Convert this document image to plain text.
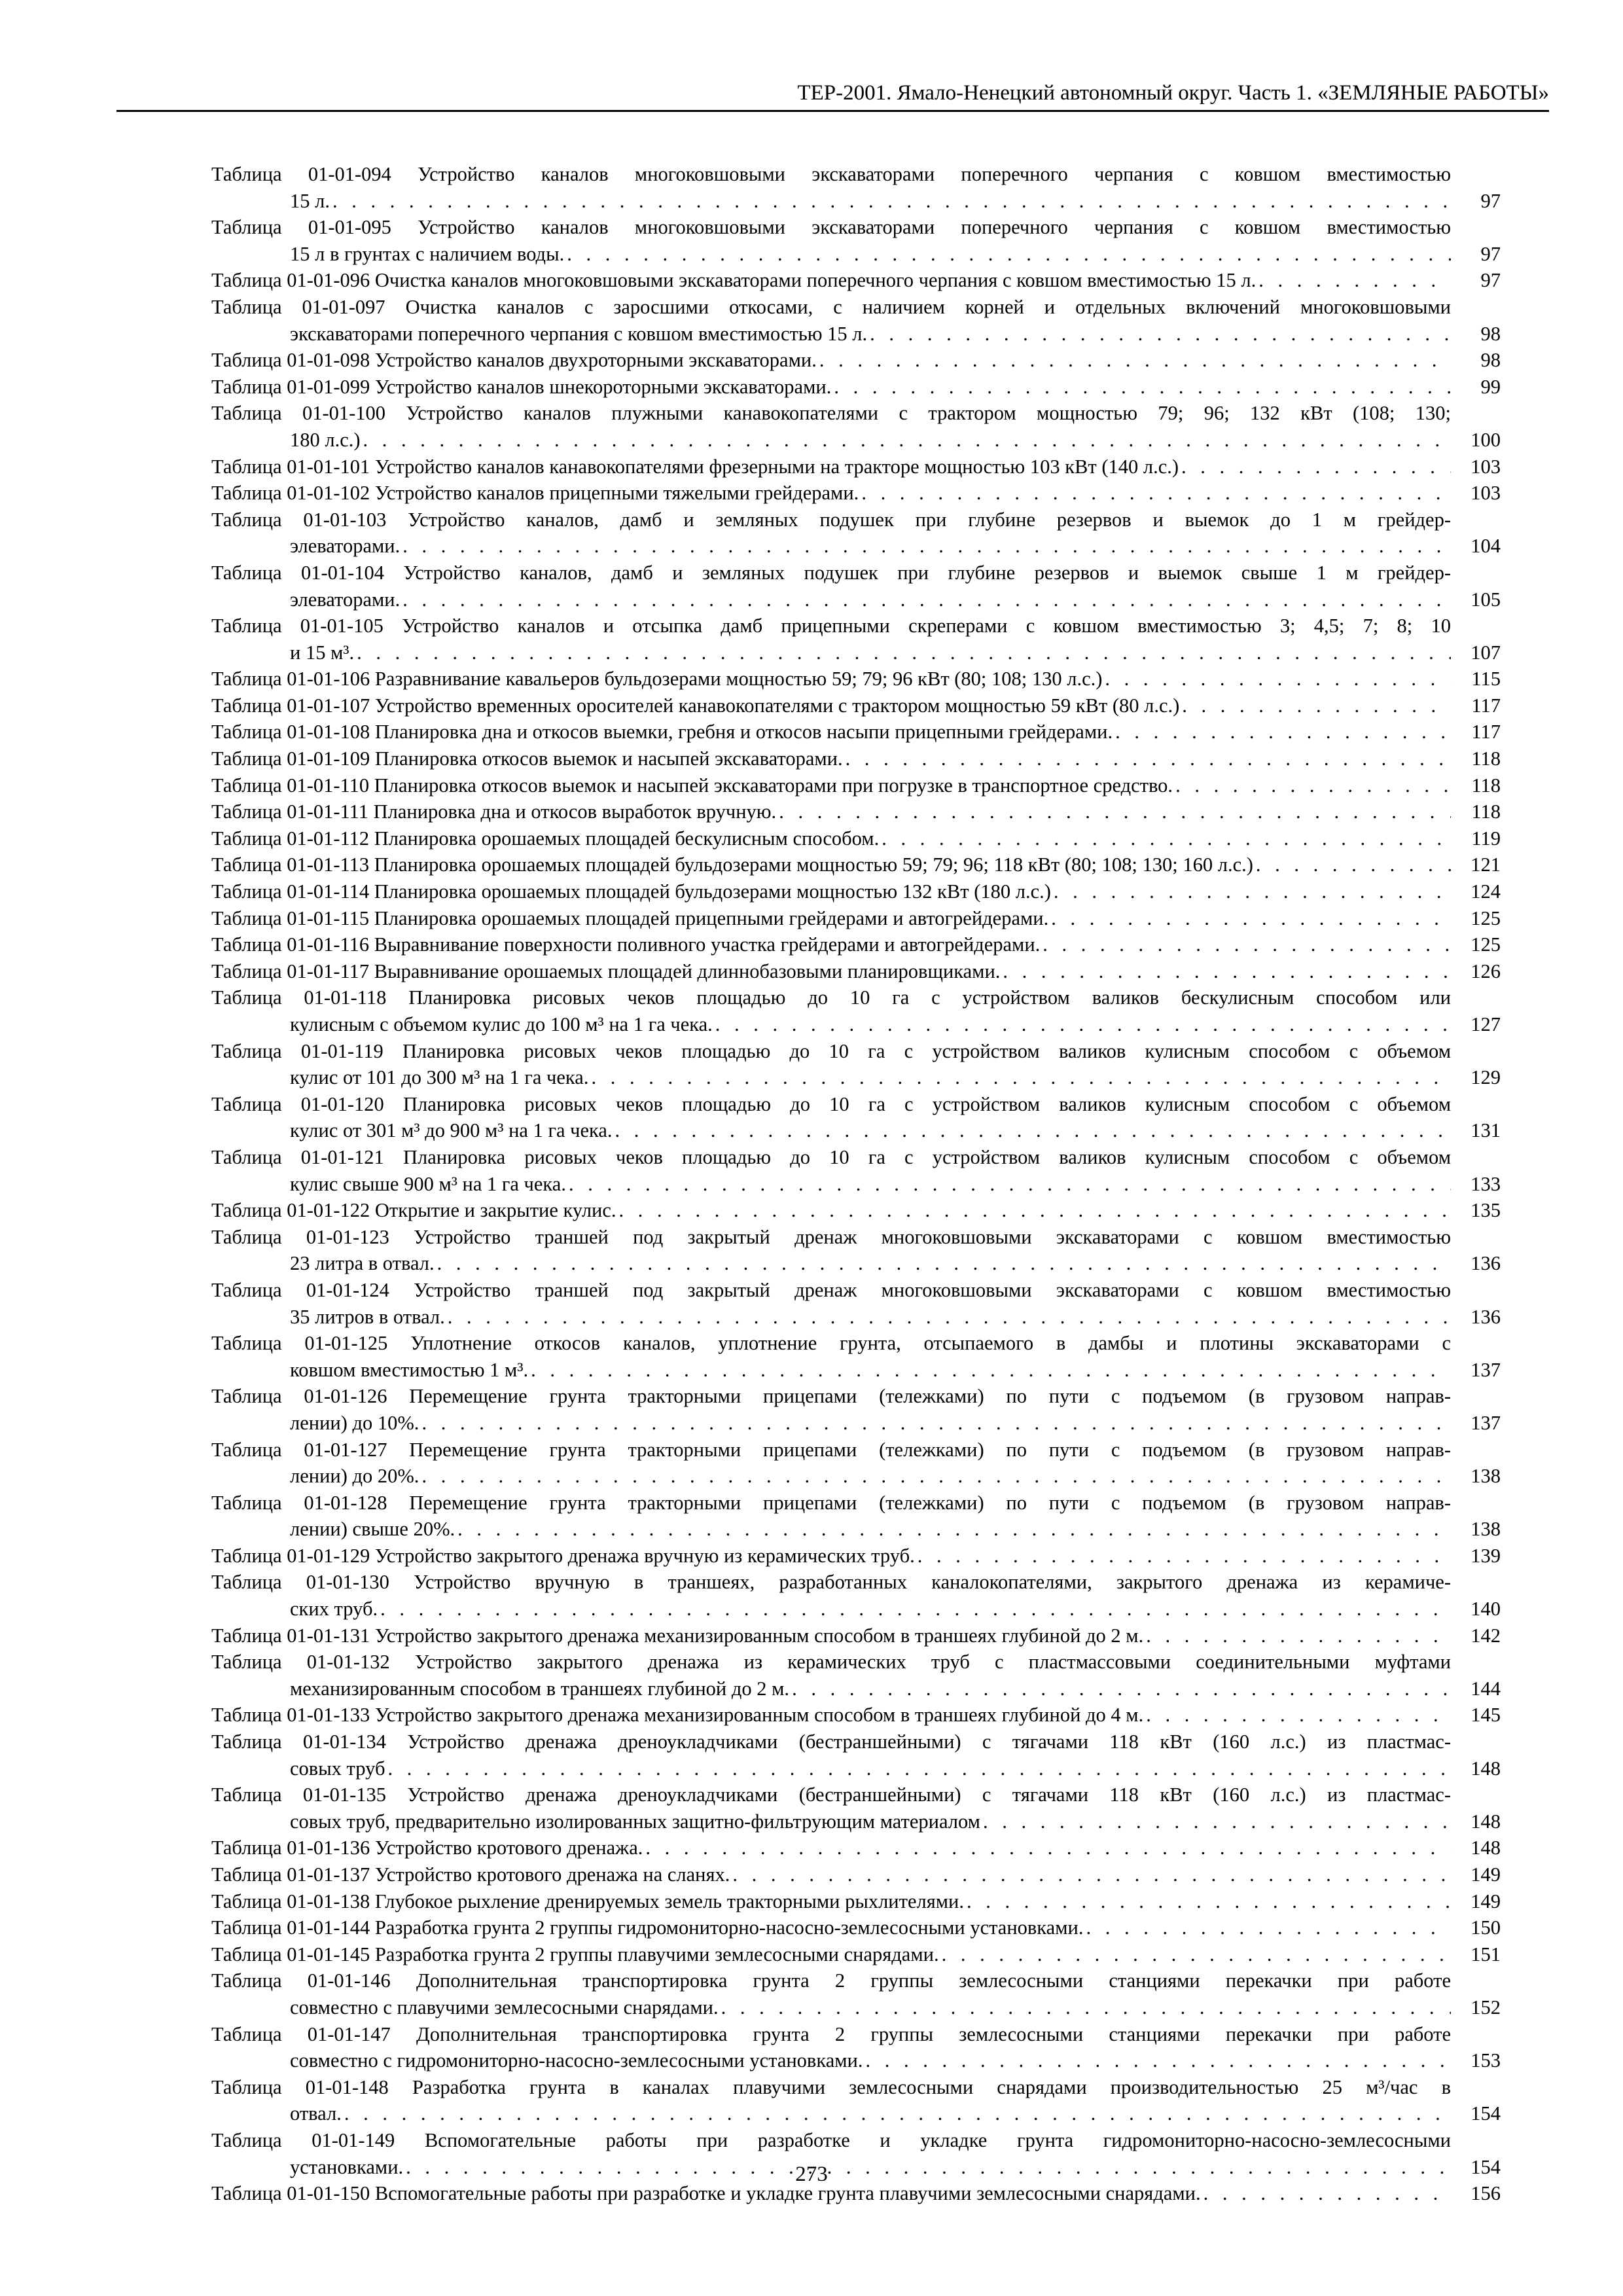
ТЕР-2001. Ямало-Ненецкий автономный округ. Часть 1. «ЗЕМЛЯНЫЕ РАБОТЫ»
Таблица 01-01-094 Устройство каналов многоковшовыми экскаваторами поперечного черпания с ковшом вместимостью
15 л. . . .	97
Таблица 01-01-095 Устройство каналов многоковшовыми экскаваторами поперечного черпания с ковшом вместимостью
15 л в грунтах с наличием воды. . . .	97
Таблица 01-01-096 Очистка каналов многоковшовыми экскаваторами поперечного черпания с ковшом вместимостью 15 л. . . .	97
Таблица 01-01-097 Очистка каналов с заросшими откосами, с наличием корней и отдельных включений многоковшовыми
экскаваторами поперечного черпания с ковшом вместимостью 15 л. . . .	98
Таблица 01-01-098 Устройство каналов двухроторными экскаваторами. . . .	98
Таблица 01-01-099 Устройство каналов шнекороторными экскаваторами. . . .	99
Таблица 01-01-100 Устройство каналов плужными канавокопателями с трактором мощностью 79; 96; 132 кВт (108; 130;
180 л.с.) . . .	100
Таблица 01-01-101 Устройство каналов канавокопателями фрезерными на тракторе мощностью 103 кВт (140 л.с.) . . .	103
Таблица 01-01-102 Устройство каналов прицепными тяжелыми грейдерами. . . .	103
Таблица 01-01-103 Устройство каналов, дамб и земляных подушек при глубине резервов и выемок до 1 м грейдер-
элеваторами. . . .	104
Таблица 01-01-104 Устройство каналов, дамб и земляных подушек при глубине резервов и выемок свыше 1 м грейдер-
элеваторами. . . .	105
Таблица 01-01-105 Устройство каналов и отсыпка дамб прицепными скреперами с ковшом вместимостью 3; 4,5; 7; 8; 10
и 15 м³. . . .	107
Таблица 01-01-106 Разравнивание кавальеров бульдозерами мощностью 59; 79; 96 кВт (80; 108; 130 л.с.) . . .	115
Таблица 01-01-107 Устройство временных оросителей канавокопателями с трактором мощностью 59 кВт (80 л.с.) . . .	117
Таблица 01-01-108 Планировка дна и откосов выемки, гребня и откосов насыпи прицепными грейдерами. . . .	117
Таблица 01-01-109 Планировка откосов выемок и насыпей экскаваторами. . . .	118
Таблица 01-01-110 Планировка откосов выемок и насыпей экскаваторами при погрузке в транспортное средство. . . .	118
Таблица 01-01-111 Планировка дна и откосов выработок вручную. . . .	118
Таблица 01-01-112 Планировка орошаемых площадей бескулисным способом. . . .	119
Таблица 01-01-113 Планировка орошаемых площадей бульдозерами мощностью 59; 79; 96; 118 кВт (80; 108; 130; 160 л.с.) . . .	121
Таблица 01-01-114 Планировка орошаемых площадей бульдозерами мощностью 132 кВт (180 л.с.) . . .	124
Таблица 01-01-115 Планировка орошаемых площадей прицепными грейдерами и автогрейдерами. . . .	125
Таблица 01-01-116 Выравнивание поверхности поливного участка грейдерами и автогрейдерами. . . .	125
Таблица 01-01-117 Выравнивание орошаемых площадей длиннобазовыми планировщиками. . . .	126
Таблица 01-01-118 Планировка рисовых чеков площадью до 10 га с устройством валиков бескулисным способом или
кулисным с объемом кулис до 100 м³ на 1 га чека. . . .	127
Таблица 01-01-119 Планировка рисовых чеков площадью до 10 га с устройством валиков кулисным способом с объемом
кулис от 101 до 300 м³ на 1 га чека. . . .	129
Таблица 01-01-120 Планировка рисовых чеков площадью до 10 га с устройством валиков кулисным способом с объемом
кулис от 301 м³ до 900 м³ на 1 га чека. . . .	131
Таблица 01-01-121 Планировка рисовых чеков площадью до 10 га с устройством валиков кулисным способом с объемом
кулис свыше 900 м³ на 1 га чека. . . .	133
Таблица 01-01-122 Открытие и закрытие кулис. . . .	135
Таблица 01-01-123 Устройство траншей под закрытый дренаж многоковшовыми экскаваторами с ковшом вместимостью
23 литра в отвал. . . .	136
Таблица 01-01-124 Устройство траншей под закрытый дренаж многоковшовыми экскаваторами с ковшом вместимостью
35 литров в отвал. . . .	136
Таблица 01-01-125 Уплотнение откосов каналов, уплотнение грунта, отсыпаемого в дамбы и плотины экскаваторами с
ковшом вместимостью 1 м³. . . .	137
Таблица 01-01-126 Перемещение грунта тракторными прицепами (тележками) по пути с подъемом (в грузовом направ-
лении) до 10%. . . .	137
Таблица 01-01-127 Перемещение грунта тракторными прицепами (тележками) по пути с подъемом (в грузовом направ-
лении) до 20%. . . .	138
Таблица 01-01-128 Перемещение грунта тракторными прицепами (тележками) по пути с подъемом (в грузовом направ-
лении) свыше 20%. . . .	138
Таблица 01-01-129 Устройство закрытого дренажа вручную из керамических труб. . . .	139
Таблица 01-01-130 Устройство вручную в траншеях, разработанных каналокопателями, закрытого дренажа из керамиче-
ских труб. . . .	140
Таблица 01-01-131 Устройство закрытого дренажа механизированным способом в траншеях глубиной до 2 м. . . .	142
Таблица 01-01-132 Устройство закрытого дренажа из керамических труб с пластмассовыми соединительными муфтами
механизированным способом в траншеях глубиной до 2 м. . . .	144
Таблица 01-01-133 Устройство закрытого дренажа механизированным способом в траншеях глубиной до 4 м. . . .	145
Таблица 01-01-134 Устройство дренажа дреноукладчиками (бестраншейными) с тягачами 118 кВт (160 л.с.) из пластмас-
совых труб . . .	148
Таблица 01-01-135 Устройство дренажа дреноукладчиками (бестраншейными) с тягачами 118 кВт (160 л.с.) из пластмас-
совых труб, предварительно изолированных защитно-фильтрующим материалом . . .	148
Таблица 01-01-136 Устройство кротового дренажа. . . .	148
Таблица 01-01-137 Устройство кротового дренажа на сланях. . . .	149
Таблица 01-01-138 Глубокое рыхление дренируемых земель тракторными рыхлителями. . . .	149
Таблица 01-01-144 Разработка грунта 2 группы гидромониторно-насосно-землесосными установками. . . .	150
Таблица 01-01-145 Разработка грунта 2 группы плавучими землесосными снарядами. . . .	151
Таблица 01-01-146 Дополнительная транспортировка грунта 2 группы землесосными станциями перекачки при работе
совместно с плавучими землесосными снарядами. . . .	152
Таблица 01-01-147 Дополнительная транспортировка грунта 2 группы землесосными станциями перекачки при работе
совместно с гидромониторно-насосно-землесосными установками. . . .	153
Таблица 01-01-148 Разработка грунта в каналах плавучими землесосными снарядами производительностью 25 м³/час в
отвал. . . .	154
Таблица 01-01-149 Вспомогательные работы при разработке и укладке грунта гидромониторно-насосно-землесосными
установками. . . .	154
Таблица 01-01-150 Вспомогательные работы при разработке и укладке грунта плавучими землесосными снарядами. . . .	156
273
